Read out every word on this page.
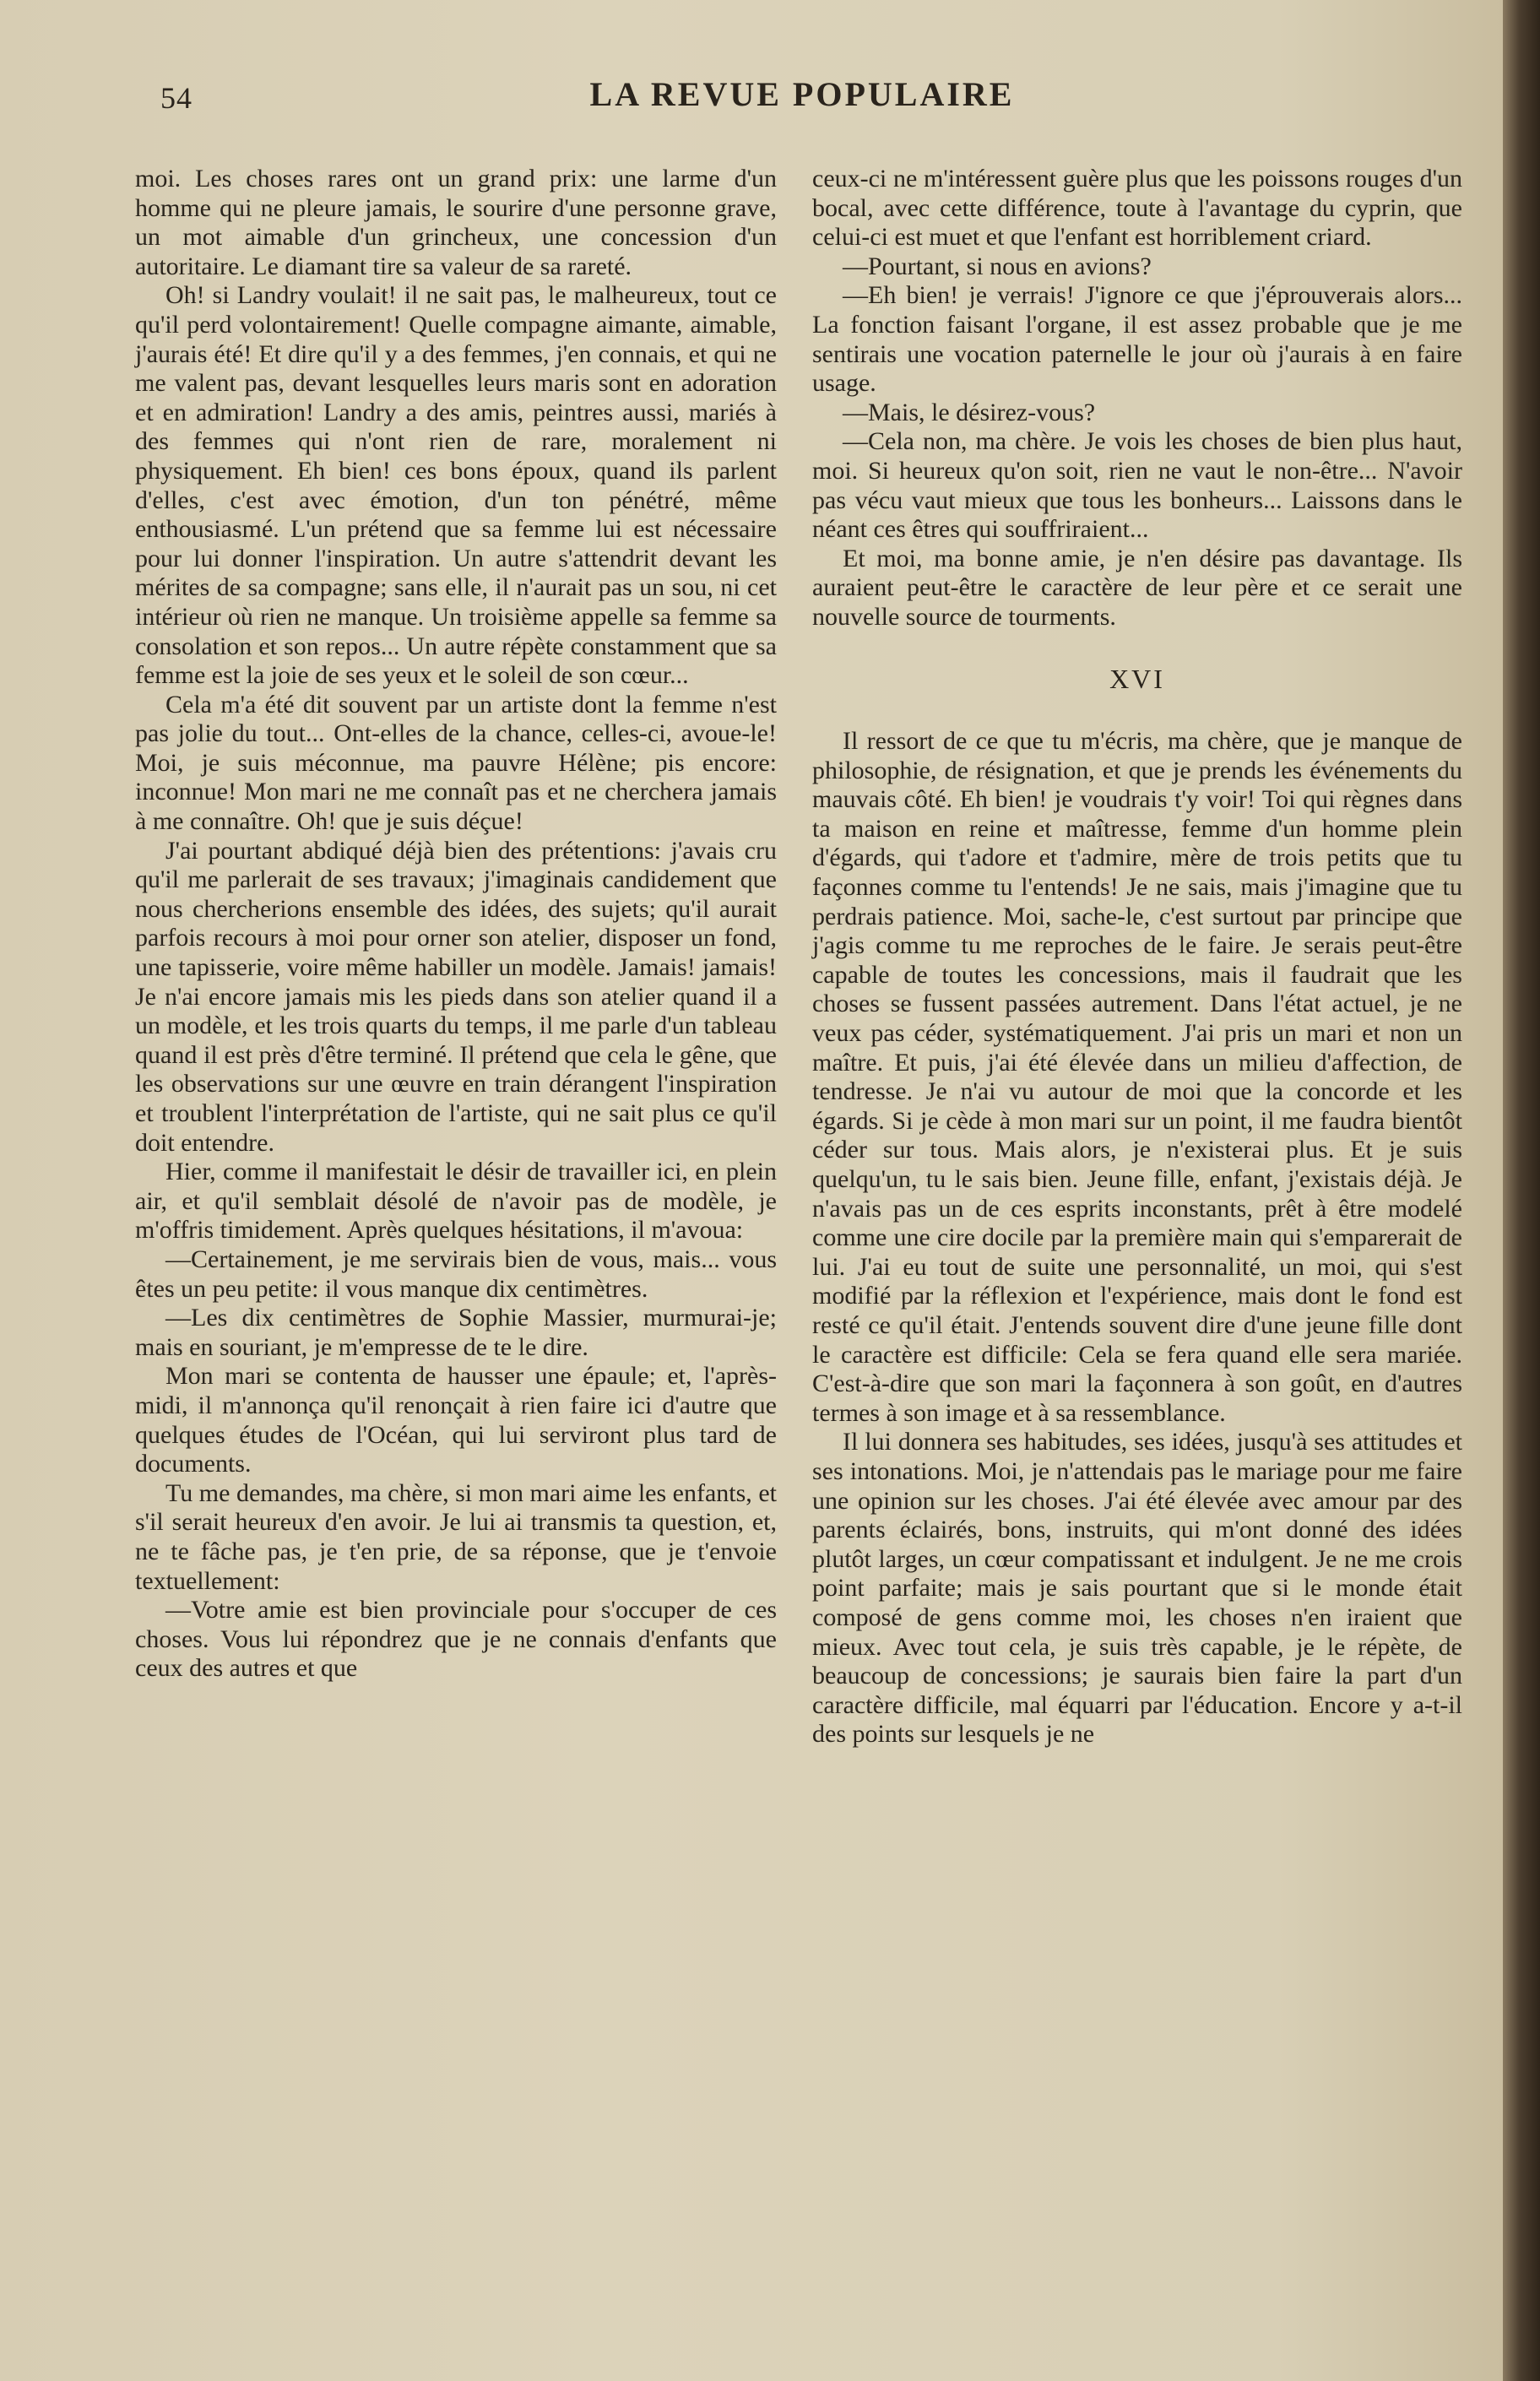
54	LA REVUE POPULAIRE

moi. Les choses rares ont un grand prix: une larme d'un homme qui ne pleure jamais, le sourire d'une personne grave, un mot aimable d'un grincheux, une concession d'un autoritaire. Le diamant tire sa valeur de sa rareté.

Oh! si Landry voulait! il ne sait pas, le malheureux, tout ce qu'il perd volontairement! Quelle compagne aimante, aimable, j'aurais été! Et dire qu'il y a des femmes, j'en connais, et qui ne me valent pas, devant lesquelles leurs maris sont en adoration et en admiration! Landry a des amis, peintres aussi, mariés à des femmes qui n'ont rien de rare, moralement ni physiquement. Eh bien! ces bons époux, quand ils parlent d'elles, c'est avec émotion, d'un ton pénétré, même enthousiasmé. L'un prétend que sa femme lui est nécessaire pour lui donner l'inspiration. Un autre s'attendrit devant les mérites de sa compagne; sans elle, il n'aurait pas un sou, ni cet intérieur où rien ne manque. Un troisième appelle sa femme sa consolation et son repos... Un autre répète constamment que sa femme est la joie de ses yeux et le soleil de son cœur...

Cela m'a été dit souvent par un artiste dont la femme n'est pas jolie du tout... Ont-elles de la chance, celles-ci, avoue-le! Moi, je suis méconnue, ma pauvre Hélène; pis encore: inconnue! Mon mari ne me connaît pas et ne cherchera jamais à me connaître. Oh! que je suis déçue!

J'ai pourtant abdiqué déjà bien des prétentions: j'avais cru qu'il me parlerait de ses travaux; j'imaginais candidement que nous chercherions ensemble des idées, des sujets; qu'il aurait parfois recours à moi pour orner son atelier, disposer un fond, une tapisserie, voire même habiller un modèle. Jamais! jamais! Je n'ai encore jamais mis les pieds dans son atelier quand il a un modèle, et les trois quarts du temps, il me parle d'un tableau quand il est près d'être terminé. Il prétend que cela le gêne, que les observations sur une œuvre en train dérangent l'inspiration et troublent l'interprétation de l'artiste, qui ne sait plus ce qu'il doit entendre.

Hier, comme il manifestait le désir de travailler ici, en plein air, et qu'il semblait désolé de n'avoir pas de modèle, je m'offris timidement. Après quelques hésitations, il m'avoua:

—Certainement, je me servirais bien de vous, mais... vous êtes un peu petite: il vous manque dix centimètres.

—Les dix centimètres de Sophie Massier, murmurai-je; mais en souriant, je m'empresse de te le dire.

Mon mari se contenta de hausser une épaule; et, l'après-midi, il m'annonça qu'il renonçait à rien faire ici d'autre que quelques études de l'Océan, qui lui serviront plus tard de documents.

Tu me demandes, ma chère, si mon mari aime les enfants, et s'il serait heureux d'en avoir. Je lui ai transmis ta question, et, ne te fâche pas, je t'en prie, de sa réponse, que je t'envoie textuellement:

—Votre amie est bien provinciale pour s'occuper de ces choses. Vous lui répondrez que je ne connais d'enfants que ceux des autres et que

ceux-ci ne m'intéressent guère plus que les poissons rouges d'un bocal, avec cette différence, toute à l'avantage du cyprin, que celui-ci est muet et que l'enfant est horriblement criard.

—Pourtant, si nous en avions?

—Eh bien! je verrais! J'ignore ce que j'éprouverais alors... La fonction faisant l'organe, il est assez probable que je me sentirais une vocation paternelle le jour où j'aurais à en faire usage.

—Mais, le désirez-vous?

—Cela non, ma chère. Je vois les choses de bien plus haut, moi. Si heureux qu'on soit, rien ne vaut le non-être... N'avoir pas vécu vaut mieux que tous les bonheurs... Laissons dans le néant ces êtres qui souffriraient...

Et moi, ma bonne amie, je n'en désire pas davantage. Ils auraient peut-être le caractère de leur père et ce serait une nouvelle source de tourments.

XVI

Il ressort de ce que tu m'écris, ma chère, que je manque de philosophie, de résignation, et que je prends les événements du mauvais côté. Eh bien! je voudrais t'y voir! Toi qui règnes dans ta maison en reine et maîtresse, femme d'un homme plein d'égards, qui t'adore et t'admire, mère de trois petits que tu façonnes comme tu l'entends! Je ne sais, mais j'imagine que tu perdrais patience. Moi, sache-le, c'est surtout par principe que j'agis comme tu me reproches de le faire. Je serais peut-être capable de toutes les concessions, mais il faudrait que les choses se fussent passées autrement. Dans l'état actuel, je ne veux pas céder, systématiquement. J'ai pris un mari et non un maître. Et puis, j'ai été élevée dans un milieu d'affection, de tendresse. Je n'ai vu autour de moi que la concorde et les égards. Si je cède à mon mari sur un point, il me faudra bientôt céder sur tous. Mais alors, je n'existerai plus. Et je suis quelqu'un, tu le sais bien. Jeune fille, enfant, j'existais déjà. Je n'avais pas un de ces esprits inconstants, prêt à être modelé comme une cire docile par la première main qui s'emparerait de lui. J'ai eu tout de suite une personnalité, un moi, qui s'est modifié par la réflexion et l'expérience, mais dont le fond est resté ce qu'il était. J'entends souvent dire d'une jeune fille dont le caractère est difficile: Cela se fera quand elle sera mariée. C'est-à-dire que son mari la façonnera à son goût, en d'autres termes à son image et à sa ressemblance.

Il lui donnera ses habitudes, ses idées, jusqu'à ses attitudes et ses intonations. Moi, je n'attendais pas le mariage pour me faire une opinion sur les choses. J'ai été élevée avec amour par des parents éclairés, bons, instruits, qui m'ont donné des idées plutôt larges, un cœur compatissant et indulgent. Je ne me crois point parfaite; mais je sais pourtant que si le monde était composé de gens comme moi, les choses n'en iraient que mieux. Avec tout cela, je suis très capable, je le répète, de beaucoup de concessions; je saurais bien faire la part d'un caractère difficile, mal équarri par l'éducation. Encore y a-t-il des points sur lesquels je ne
